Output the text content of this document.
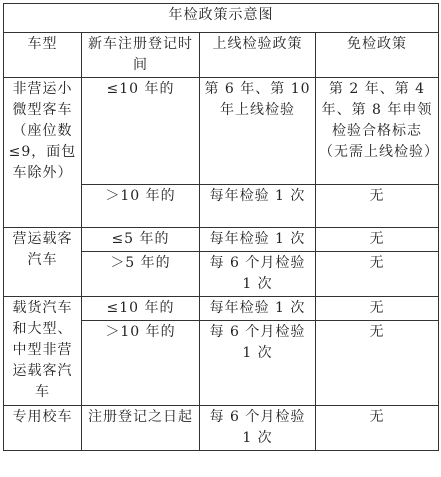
年检政策示意图			
车型	新车注册登记时间	上线检验政策	免检政策
非营运小微型客车（座位数≤9，面包车除外）	≤10 年的	第 6 年、第 10 年上线检验	第 2 年、第 4 年、第 8 年申领检验合格标志（无需上线检验）
	＞10 年的	每年检验 1 次	无
营运载客汽车	≤5 年的	每年检验 1 次	无
	＞5 年的	每 6 个月检验 1 次	无
载货汽车和大型、中型非营运载客汽车	≤10 年的	每年检验 1 次	无
	＞10 年的	每 6 个月检验 1 次	无
专用校车	注册登记之日起	每 6 个月检验 1 次	无
